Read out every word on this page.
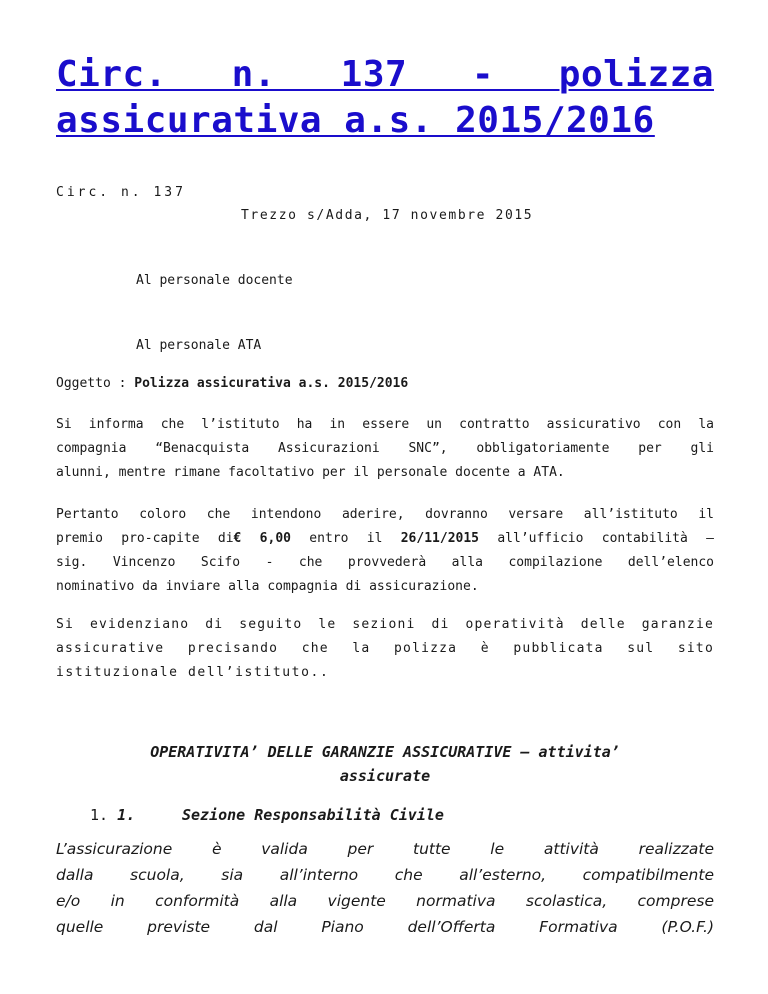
Circ. n. 137 - polizza assicurativa a.s. 2015/2016
Circ. n. 137
Trezzo s/Adda, 17 novembre 2015
Al personale docente
Al personale ATA
Oggetto : Polizza assicurativa a.s. 2015/2016

Si informa che l’istituto ha in essere un contratto assicurativo con la
compagnia “Benacquista Assicurazioni SNC”, obbligatoriamente per gli
alunni, mentre rimane facoltativo per il personale docente a ATA.

Pertanto coloro che intendono aderire, dovranno versare all’istituto il
premio pro-capite di€ 6,00 entro il 26/11/2015 all’ufficio contabilità –
sig. Vincenzo Scifo - che provvederà alla compilazione dell’elenco
nominativo da inviare alla compagnia di assicurazione.

Si evidenziano di seguito le sezioni di operatività delle garanzie
assicurative precisando che la polizza è pubblicata sul sito
istituzionale dell’istituto..

OPERATIVITA’ DELLE GARANZIE ASSICURATIVE – attivita’
assicurate
1. 1.	Sezione Responsabilità Civile
L’assicurazione è valida per tutte le attività realizzate
dalla scuola, sia all’interno che all’esterno, compatibilmente
e/o in conformità alla vigente normativa scolastica, comprese
quelle previste dal Piano dell’Offerta Formativa (P.O.F.)
